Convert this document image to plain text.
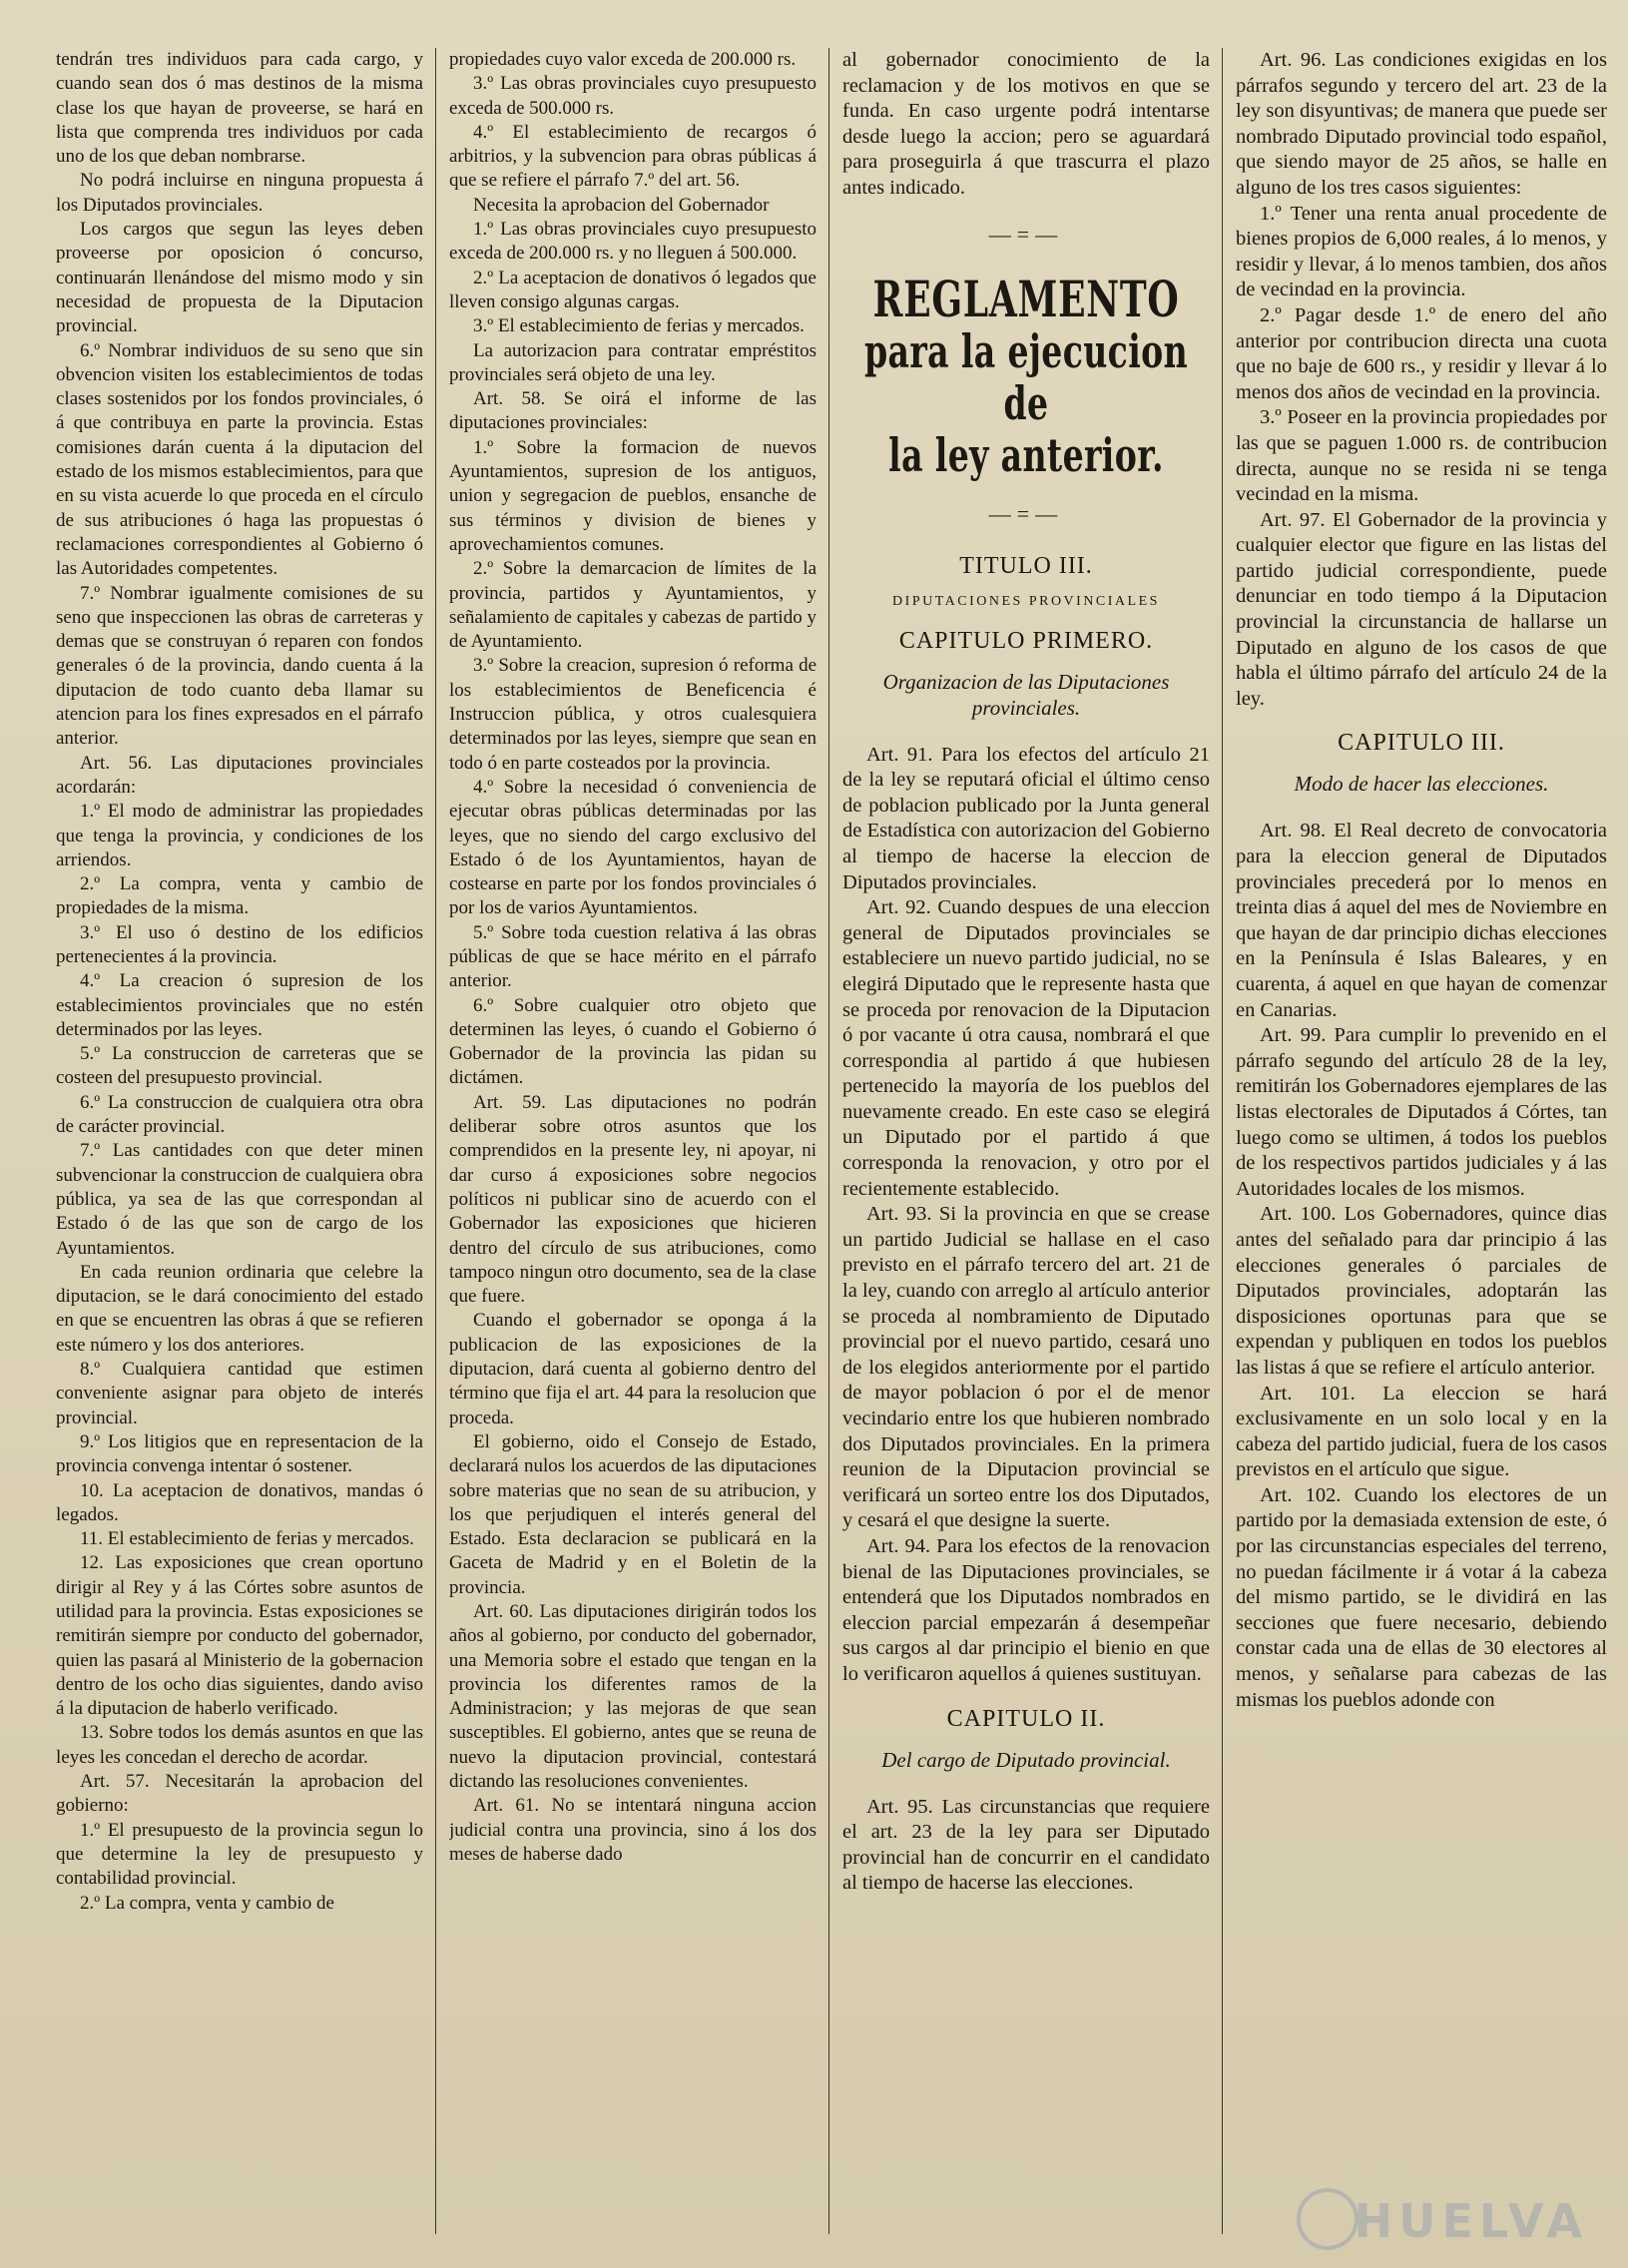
tendrán tres individuos para cada cargo, y cuando sean dos ó mas destinos de la misma clase los que hayan de proveerse, se hará en lista que comprenda tres individuos por cada uno de los que deban nombrarse.

No podrá incluirse en ninguna propuesta á los Diputados provinciales.

Los cargos que segun las leyes deben proveerse por oposicion ó concurso, continuarán llenándose del mismo modo y sin necesidad de propuesta de la Diputacion provincial.

6.º Nombrar individuos de su seno que sin obvencion visiten los establecimientos de todas clases sostenidos por los fondos provinciales, ó á que contribuya en parte la provincia. Estas comisiones darán cuenta á la diputacion del estado de los mismos establecimientos, para que en su vista acuerde lo que proceda en el círculo de sus atribuciones ó haga las propuestas ó reclamaciones correspondientes al Gobierno ó las Autoridades competentes.

7.º Nombrar igualmente comisiones de su seno que inspeccionen las obras de carreteras y demas que se construyan ó reparen con fondos generales ó de la provincia, dando cuenta á la diputacion de todo cuanto deba llamar su atencion para los fines expresados en el párrafo anterior.

Art. 56. Las diputaciones provinciales acordarán:

1.º El modo de administrar las propiedades que tenga la provincia, y condiciones de los arriendos.

2.º La compra, venta y cambio de propiedades de la misma.

3.º El uso ó destino de los edificios pertenecientes á la provincia.

4.º La creacion ó supresion de los establecimientos provinciales que no estén determinados por las leyes.

5.º La construccion de carreteras que se costeen del presupuesto provincial.

6.º La construccion de cualquiera otra obra de carácter provincial.

7.º Las cantidades con que deter minen subvencionar la construccion de cualquiera obra pública, ya sea de las que correspondan al Estado ó de las que son de cargo de los Ayuntamientos.

En cada reunion ordinaria que celebre la diputacion, se le dará conocimiento del estado en que se encuentren las obras á que se refieren este número y los dos anteriores.

8.º Cualquiera cantidad que estimen conveniente asignar para objeto de interés provincial.

9.º Los litigios que en representacion de la provincia convenga intentar ó sostener.

10. La aceptacion de donativos, mandas ó legados.

11. El establecimiento de ferias y mercados.

12. Las exposiciones que crean oportuno dirigir al Rey y á las Córtes sobre asuntos de utilidad para la provincia. Estas exposiciones se remitirán siempre por conducto del gobernador, quien las pasará al Ministerio de la gobernacion dentro de los ocho dias siguientes, dando aviso á la diputacion de haberlo verificado.

13. Sobre todos los demás asuntos en que las leyes les concedan el derecho de acordar.

Art. 57. Necesitarán la aprobacion del gobierno:

1.º El presupuesto de la provincia segun lo que determine la ley de presupuesto y contabilidad provincial.

2.º La compra, venta y cambio de

propiedades cuyo valor exceda de 200.000 rs.

3.º Las obras provinciales cuyo presupuesto exceda de 500.000 rs.

4.º El establecimiento de recargos ó arbitrios, y la subvencion para obras públicas á que se refiere el párrafo 7.º del art. 56.

Necesita la aprobacion del Gobernador

1.º Las obras provinciales cuyo presupuesto exceda de 200.000 rs. y no lleguen á 500.000.

2.º La aceptacion de donativos ó legados que lleven consigo algunas cargas.

3.º El establecimiento de ferias y mercados.

La autorizacion para contratar empréstitos provinciales será objeto de una ley.

Art. 58. Se oirá el informe de las diputaciones provinciales:

1.º Sobre la formacion de nuevos Ayuntamientos, supresion de los antiguos, union y segregacion de pueblos, ensanche de sus términos y division de bienes y aprovechamientos comunes.

2.º Sobre la demarcacion de límites de la provincia, partidos y Ayuntamientos, y señalamiento de capitales y cabezas de partido y de Ayuntamiento.

3.º Sobre la creacion, supresion ó reforma de los establecimientos de Beneficencia é Instruccion pública, y otros cualesquiera determinados por las leyes, siempre que sean en todo ó en parte costeados por la provincia.

4.º Sobre la necesidad ó conveniencia de ejecutar obras públicas determinadas por las leyes, que no siendo del cargo exclusivo del Estado ó de los Ayuntamientos, hayan de costearse en parte por los fondos provinciales ó por los de varios Ayuntamientos.

5.º Sobre toda cuestion relativa á las obras públicas de que se hace mérito en el párrafo anterior.

6.º Sobre cualquier otro objeto que determinen las leyes, ó cuando el Gobierno ó Gobernador de la provincia las pidan su dictámen.

Art. 59. Las diputaciones no podrán deliberar sobre otros asuntos que los comprendidos en la presente ley, ni apoyar, ni dar curso á exposiciones sobre negocios políticos ni publicar sino de acuerdo con el Gobernador las exposiciones que hicieren dentro del círculo de sus atribuciones, como tampoco ningun otro documento, sea de la clase que fuere.

Cuando el gobernador se oponga á la publicacion de las exposiciones de la diputacion, dará cuenta al gobierno dentro del término que fija el art. 44 para la resolucion que proceda.

El gobierno, oido el Consejo de Estado, declarará nulos los acuerdos de las diputaciones sobre materias que no sean de su atribucion, y los que perjudiquen el interés general del Estado. Esta declaracion se publicará en la Gaceta de Madrid y en el Boletin de la provincia.

Art. 60. Las diputaciones dirigirán todos los años al gobierno, por conducto del gobernador, una Memoria sobre el estado que tengan en la provincia los diferentes ramos de la Administracion; y las mejoras de que sean susceptibles. El gobierno, antes que se reuna de nuevo la diputacion provincial, contestará dictando las resoluciones convenientes.

Art. 61. No se intentará ninguna accion judicial contra una provincia, sino á los dos meses de haberse dado

al gobernador conocimiento de la reclamacion y de los motivos en que se funda. En caso urgente podrá intentarse desde luego la accion; pero se aguardará para proseguirla á que trascurra el plazo antes indicado.

—=—
REGLAMENTO
para la ejecucion de
la ley anterior.
—=—
TITULO III.
DIPUTACIONES PROVINCIALES
CAPITULO PRIMERO.
Organizacion de las Diputaciones provinciales.

Art. 91. Para los efectos del artículo 21 de la ley se reputará oficial el último censo de poblacion publicado por la Junta general de Estadística con autorizacion del Gobierno al tiempo de hacerse la eleccion de Diputados provinciales.

Art. 92. Cuando despues de una eleccion general de Diputados provinciales se estableciere un nuevo partido judicial, no se elegirá Diputado que le represente hasta que se proceda por renovacion de la Diputacion ó por vacante ú otra causa, nombrará el que correspondia al partido á que hubiesen pertenecido la mayoría de los pueblos del nuevamente creado. En este caso se elegirá un Diputado por el partido á que corresponda la renovacion, y otro por el recientemente establecido.

Art. 93. Si la provincia en que se crease un partido Judicial se hallase en el caso previsto en el párrafo tercero del art. 21 de la ley, cuando con arreglo al artículo anterior se proceda al nombramiento de Diputado provincial por el nuevo partido, cesará uno de los elegidos anteriormente por el partido de mayor poblacion ó por el de menor vecindario entre los que hubieren nombrado dos Diputados provinciales. En la primera reunion de la Diputacion provincial se verificará un sorteo entre los dos Diputados, y cesará el que designe la suerte.

Art. 94. Para los efectos de la renovacion bienal de las Diputaciones provinciales, se entenderá que los Diputados nombrados en eleccion parcial empezarán á desempeñar sus cargos al dar principio el bienio en que lo verificaron aquellos á quienes sustituyan.

CAPITULO II.
Del cargo de Diputado provincial.

Art. 95. Las circunstancias que requiere el art. 23 de la ley para ser Diputado provincial han de concurrir en el candidato al tiempo de hacerse las elecciones.

Art. 96. Las condiciones exigidas en los párrafos segundo y tercero del art. 23 de la ley son disyuntivas; de manera que puede ser nombrado Diputado provincial todo español, que siendo mayor de 25 años, se halle en alguno de los tres casos siguientes:

1.º Tener una renta anual procedente de bienes propios de 6,000 reales, á lo menos, y residir y llevar, á lo menos tambien, dos años de vecindad en la provincia.

2.º Pagar desde 1.º de enero del año anterior por contribucion directa una cuota que no baje de 600 rs., y residir y llevar á lo menos dos años de vecindad en la provincia.

3.º Poseer en la provincia propiedades por las que se paguen 1.000 rs. de contribucion directa, aunque no se resida ni se tenga vecindad en la misma.

Art. 97. El Gobernador de la provincia y cualquier elector que figure en las listas del partido judicial correspondiente, puede denunciar en todo tiempo á la Diputacion provincial la circunstancia de hallarse un Diputado en alguno de los casos de que habla el último párrafo del artículo 24 de la ley.

CAPITULO III.
Modo de hacer las elecciones.

Art. 98. El Real decreto de convocatoria para la eleccion general de Diputados provinciales precederá por lo menos en treinta dias á aquel del mes de Noviembre en que hayan de dar principio dichas elecciones en la Península é Islas Baleares, y en cuarenta, á aquel en que hayan de comenzar en Canarias.

Art. 99. Para cumplir lo prevenido en el párrafo segundo del artículo 28 de la ley, remitirán los Gobernadores ejemplares de las listas electorales de Diputados á Córtes, tan luego como se ultimen, á todos los pueblos de los respectivos partidos judiciales y á las Autoridades locales de los mismos.

Art. 100. Los Gobernadores, quince dias antes del señalado para dar principio á las elecciones generales ó parciales de Diputados provinciales, adoptarán las disposiciones oportunas para que se expendan y publiquen en todos los pueblos las listas á que se refiere el artículo anterior.

Art. 101. La eleccion se hará exclusivamente en un solo local y en la cabeza del partido judicial, fuera de los casos previstos en el artículo que sigue.

Art. 102. Cuando los electores de un partido por la demasiada extension de este, ó por las circunstancias especiales del terreno, no puedan fácilmente ir á votar á la cabeza del mismo partido, se le dividirá en las secciones que fuere necesario, debiendo constar cada una de ellas de 30 electores al menos, y señalarse para cabezas de las mismas los pueblos adonde con

HUELVA
